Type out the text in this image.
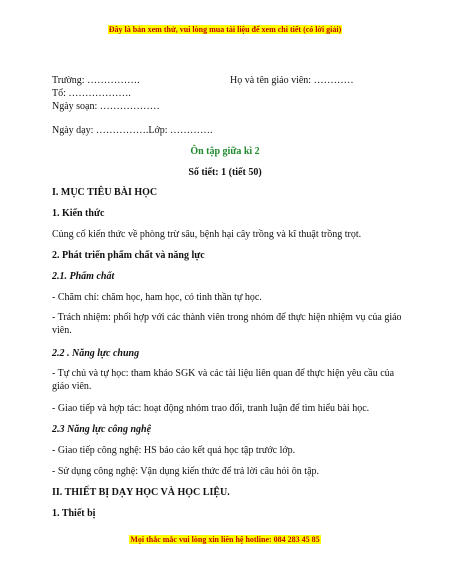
Đây là bản xem thử, vui lòng mua tài liệu để xem chi tiết (có lời giải)
Trường: …………….	Họ và tên giáo viên: …………
Tổ: ……………….
Ngày soạn: ………………
Ngày dạy: …………….Lớp: ………….
Ôn tập giữa kì 2
Số tiết: 1 (tiết 50)
I. MỤC TIÊU BÀI HỌC
1. Kiến thức
Củng cố kiến thức về phòng trừ sâu, bệnh hại cây trồng và kĩ thuật trồng trọt.
2. Phát triển phẩm chất và năng lực
2.1. Phẩm chất
- Chăm chỉ: chăm học, ham học, có tinh thần tự học.
- Trách nhiệm: phối hợp với các thành viên trong nhóm để thực hiện nhiệm vụ của giáo viên.
2.2 . Năng lực chung
- Tự chủ và tự học: tham khảo SGK và các tài liệu liên quan để thực hiện yêu cầu của giáo viên.
- Giao tiếp và hợp tác: hoạt động nhóm trao đổi, tranh luận để tìm hiểu bài học.
2.3 Năng lực công nghệ
- Giao tiếp công nghệ: HS báo cáo kết quả học tập trước lớp.
- Sử dụng công nghệ: Vận dụng kiến thức để trả lời câu hỏi ôn tập.
II. THIẾT BỊ DẠY HỌC VÀ HỌC LIỆU.
1. Thiết bị
Mọi thắc mắc vui lòng xin liên hệ hotline: 084 283 45 85
